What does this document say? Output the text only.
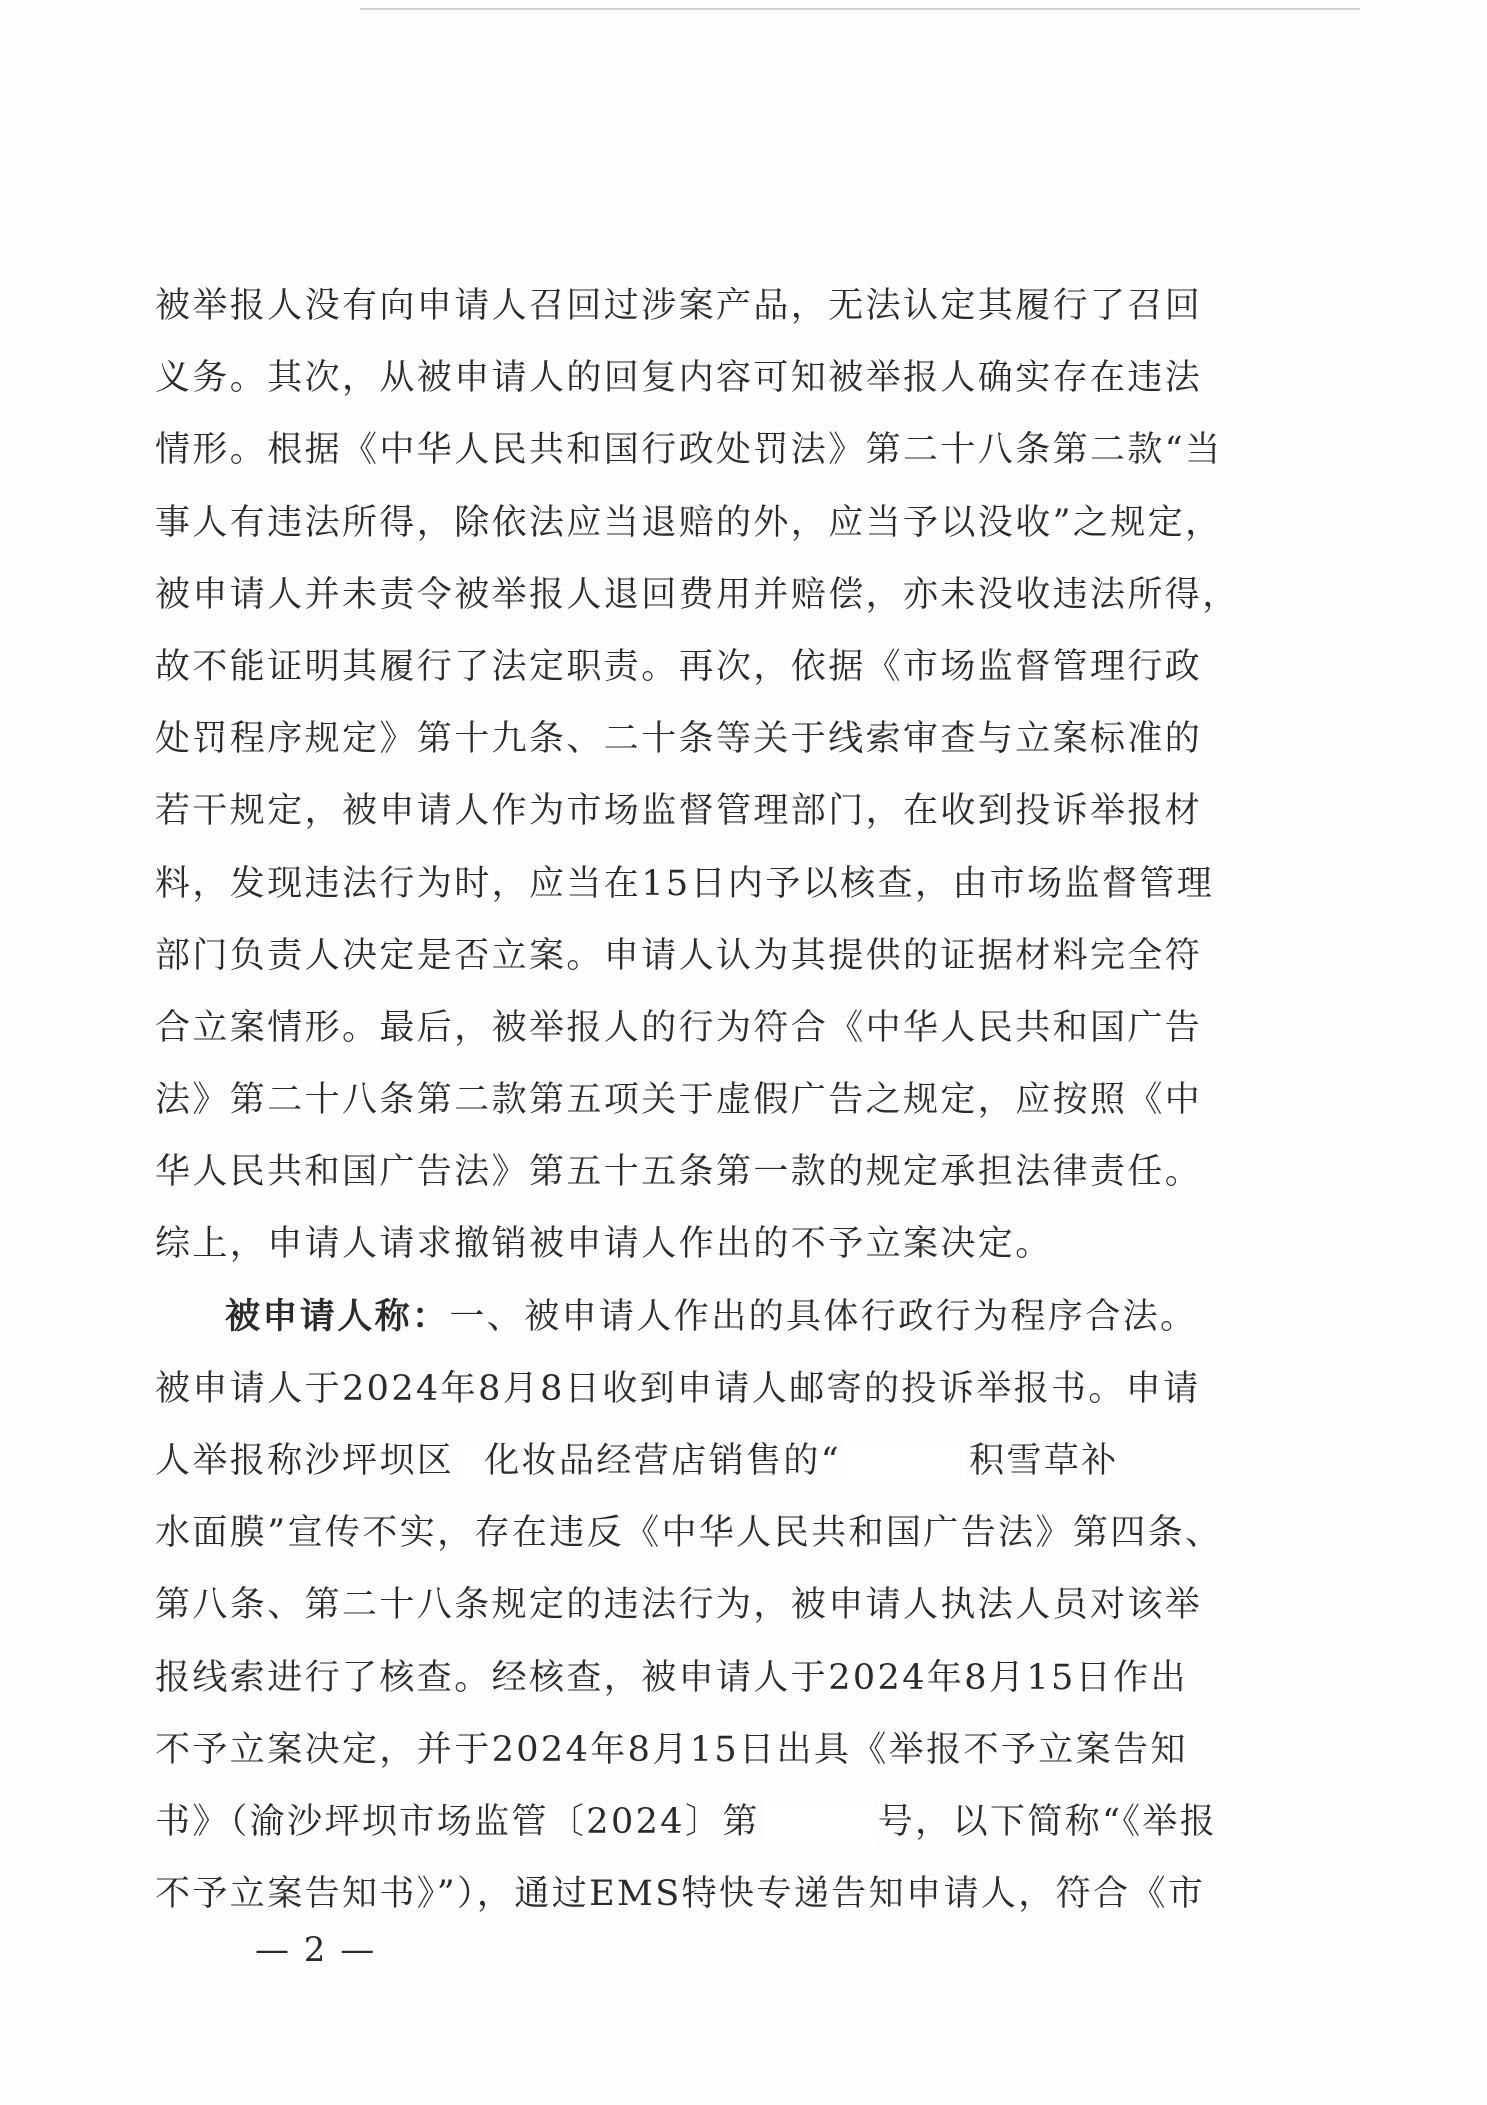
被举报人没有向申请人召回过涉案产品，无法认定其履行了召回
义务。其次，从被申请人的回复内容可知被举报人确实存在违法
情形。根据《中华人民共和国行政处罚法》第二十八条第二款“当
事人有违法所得，除依法应当退赔的外，应当予以没收”之规定，
被申请人并未责令被举报人退回费用并赔偿，亦未没收违法所得，
故不能证明其履行了法定职责。再次，依据《市场监督管理行政
处罚程序规定》第十九条、二十条等关于线索审查与立案标准的
若干规定，被申请人作为市场监督管理部门，在收到投诉举报材
料，发现违法行为时，应当在15日内予以核查，由市场监督管理
部门负责人决定是否立案。申请人认为其提供的证据材料完全符
合立案情形。最后，被举报人的行为符合《中华人民共和国广告
法》第二十八条第二款第五项关于虚假广告之规定，应按照《中
华人民共和国广告法》第五十五条第一款的规定承担法律责任。
综上，申请人请求撤销被申请人作出的不予立案决定。
被申请人称：一、被申请人作出的具体行政行为程序合法。
被申请人于2024年8月8日收到申请人邮寄的投诉举报书。申请
人举报称沙坪坝区 化妆品经营店销售的“	积雪草补
水面膜”宣传不实，存在违反《中华人民共和国广告法》第四条、
第八条、第二十八条规定的违法行为，被申请人执法人员对该举
报线索进行了核查。经核查，被申请人于2024年8月15日作出
不予立案决定，并于2024年8月15日出具《举报不予立案告知
书》（渝沙坪坝市场监管〔2024〕第	号，以下简称“《举报
不予立案告知书》”），通过EMS特快专递告知申请人，符合《市
— 2 —
